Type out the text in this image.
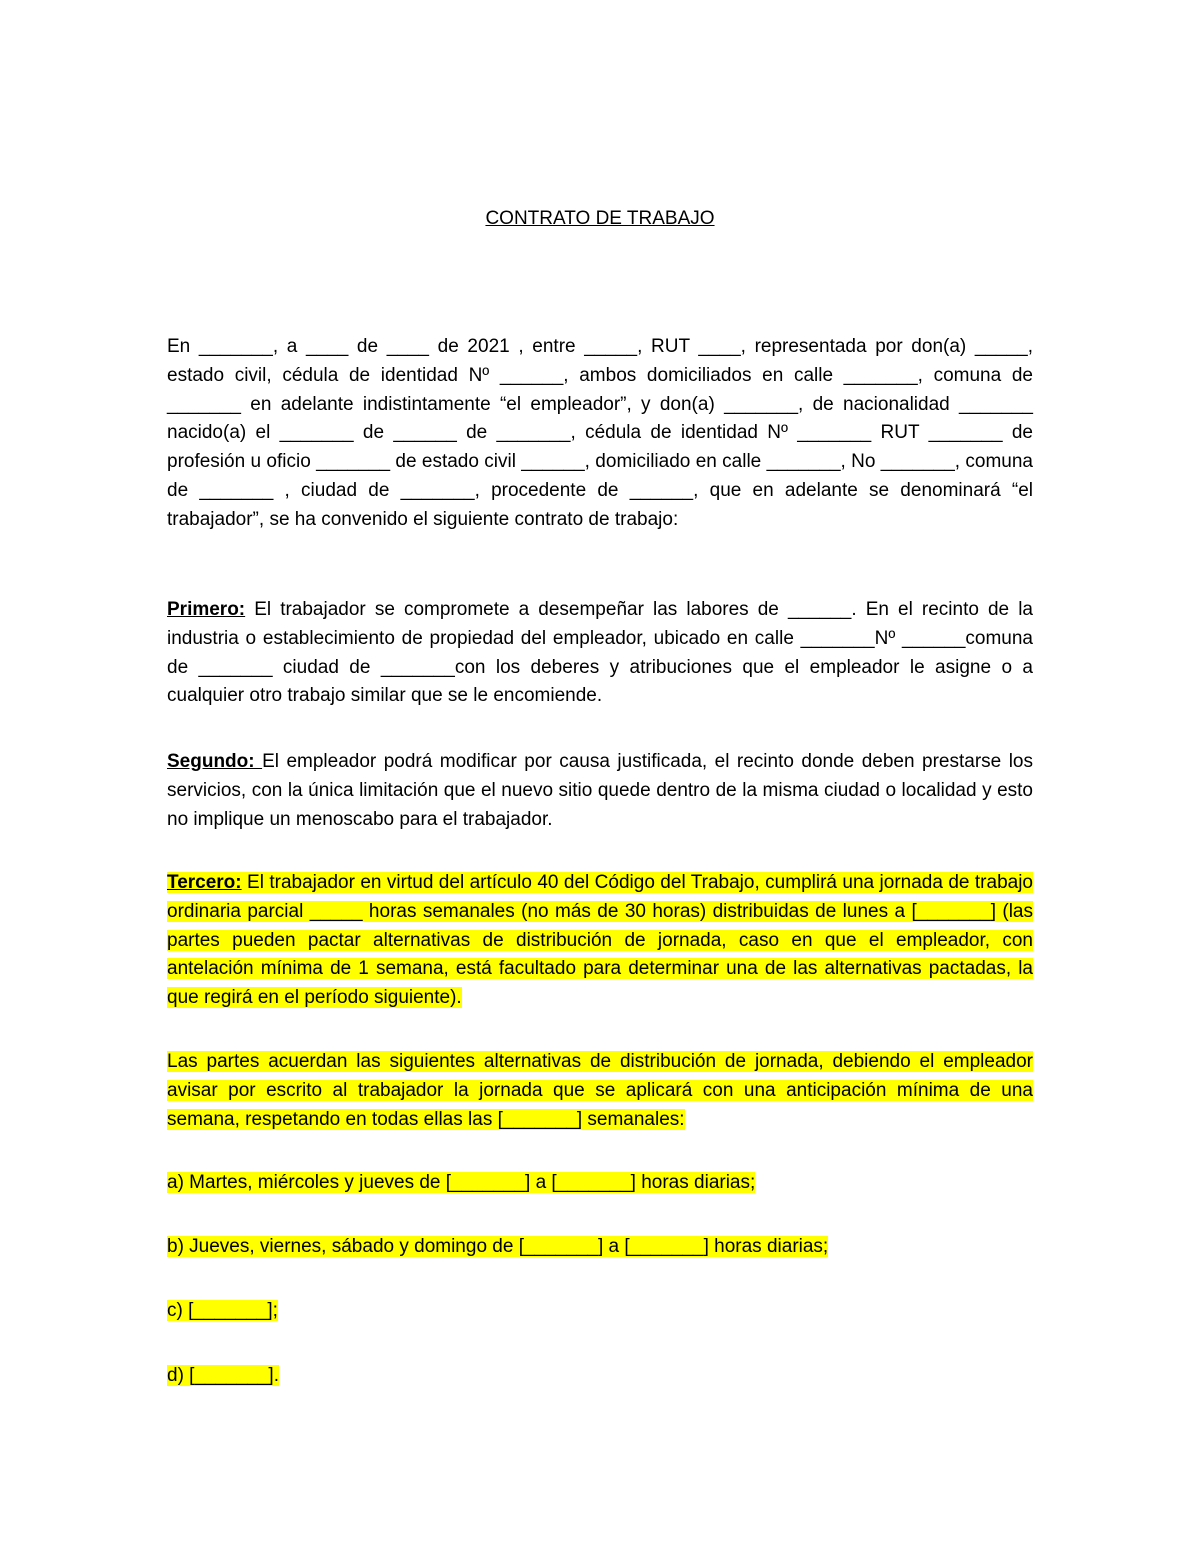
CONTRATO DE TRABAJO

En _______, a ____ de ____ de 2021 , entre _____, RUT ____, representada por don(a) _____, estado civil, cédula de identidad Nº ______, ambos domiciliados en calle _______, comuna de _______ en adelante indistintamente “el empleador”, y don(a) _______, de nacionalidad _______ nacido(a) el _______ de ______ de _______, cédula de identidad Nº _______ RUT _______ de profesión u oficio _______ de estado civil ______, domiciliado en calle _______, No _______, comuna de _______ , ciudad de _______, procedente de ______, que en adelante se denominará “el trabajador”, se ha convenido el siguiente contrato de trabajo:

Primero: El trabajador se compromete a desempeñar las labores de ______. En el recinto de la industria o establecimiento de propiedad del empleador, ubicado en calle _______Nº ______comuna de _______ ciudad de _______con los deberes y atribuciones que el empleador le asigne o a cualquier otro trabajo similar que se le encomiende.

Segundo: El empleador podrá modificar por causa justificada, el recinto donde deben prestarse los servicios, con la única limitación que el nuevo sitio quede dentro de la misma ciudad o localidad y esto no implique un menoscabo para el trabajador.

Tercero: El trabajador en virtud del artículo 40 del Código del Trabajo, cumplirá una jornada de trabajo ordinaria parcial _____ horas semanales (no más de 30 horas) distribuidas de lunes a [_______] (las partes pueden pactar alternativas de distribución de jornada, caso en que el empleador, con antelación mínima de 1 semana, está facultado para determinar una de las alternativas pactadas, la que regirá en el período siguiente).

Las partes acuerdan las siguientes alternativas de distribución de jornada, debiendo el empleador avisar por escrito al trabajador la jornada que se aplicará con una anticipación mínima de una semana, respetando en todas ellas las [_______] semanales:

a) Martes, miércoles y jueves de [_______] a [_______] horas diarias;

b) Jueves, viernes, sábado y domingo de [_______] a [_______] horas diarias;

c) [_______];

d) [_______].
